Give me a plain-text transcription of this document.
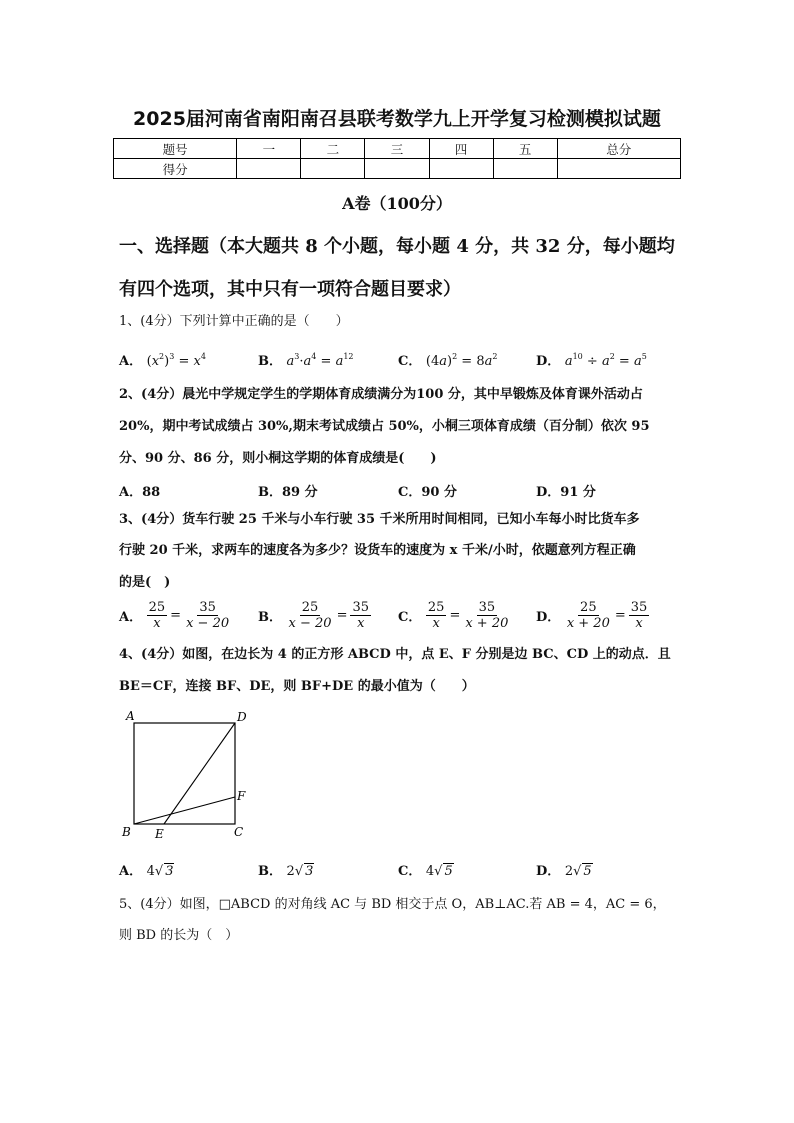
2025届河南省南阳南召县联考数学九上开学复习检测模拟试题
题号	一	二	三	四	五	总分
得分						
A卷（100分）
一、选择题（本大题共 8 个小题，每小题 4 分，共 32 分，每小题均
有四个选项，其中只有一项符合题目要求）
1、(4分）下列计算中正确的是（　　）
A． $(x^2)^3 = x^4$	B． $a^3\cdot a^4 = a^{12}$	C． $(4a)^2 = 8a^2$	D． $a^{10} \div a^2 = a^5$
2、(4分）晨光中学规定学生的学期体育成绩满分为100 分，其中早锻炼及体育课外活动占
20%，期中考试成绩占 30%,期末考试成绩占 50%，小桐三项体育成绩（百分制）依次 95
分、90 分、86 分，则小桐这学期的体育成绩是(　　)
A．88	B．89 分	C．90 分	D．91 分
3、(4分）货车行驶 25 千米与小车行驶 35 千米所用时间相同，已知小车每小时比货车多
行驶 20 千米，求两车的速度各为多少？设货车的速度为 x 千米/小时，依题意列方程正确
的是(　)
A． $\frac{25}{x} = \frac{35}{x - 20}$ B． $\frac{25}{x - 20} = \frac{35}{x}$ C． $\frac{25}{x} = \frac{35}{x + 20}$ D． $\frac{25}{x + 20} = \frac{35}{x}$
4、(4分）如图，在边长为 4 的正方形 ABCD 中，点 E、F 分别是边 BC、CD 上的动点．且
BE＝CF，连接 BF、DE，则 BF+DE 的最小值为（　　）
A	D
F
B E	C
A． 4√ 3	B． 2√ 3	C． 4√ 5	D． 2√ 5
5、(4分）如图，□ABCD 的对角线 AC 与 BD 相交于点 O，AB⊥AC.若 AB = 4，AC = 6，
则 BD 的长为（　）
